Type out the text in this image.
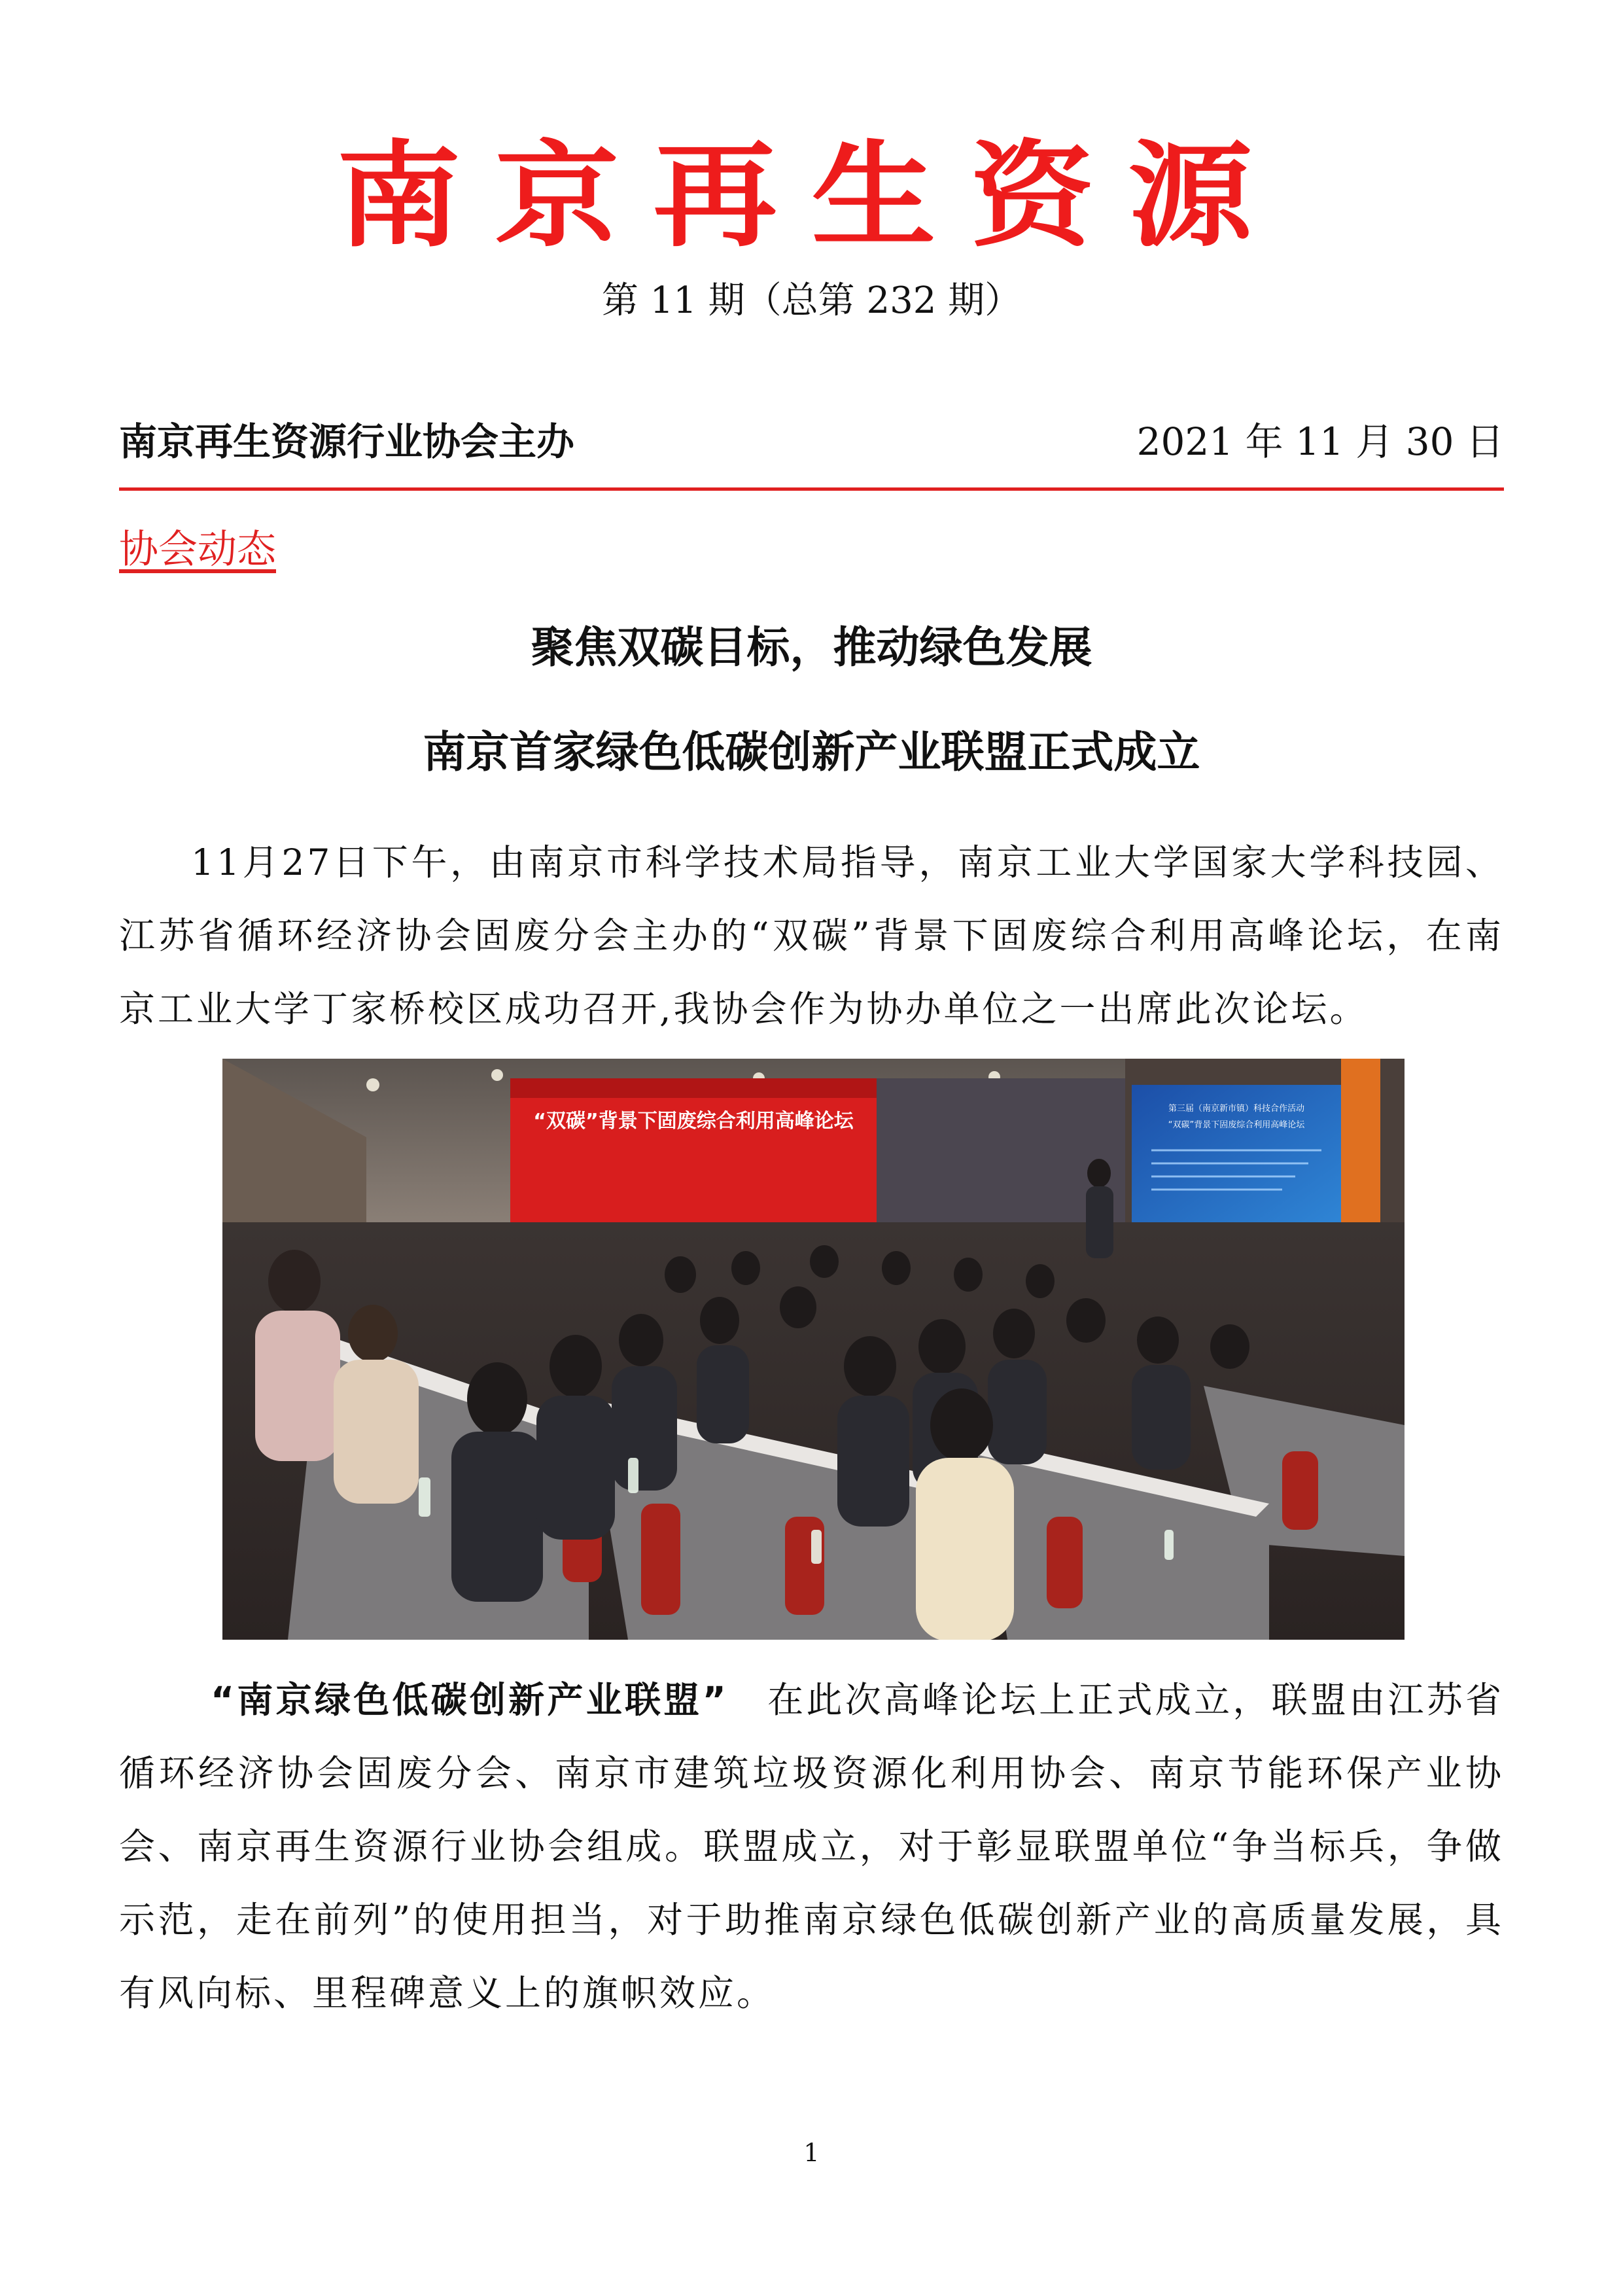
南京再生资源
第 11 期（总第 232 期）
南京再生资源行业协会主办	2021 年 11 月 30 日
协会动态
聚焦双碳目标，推动绿色发展
南京首家绿色低碳创新产业联盟正式成立

11月27日下午，由南京市科学技术局指导，南京工业大学国家大学科技园、江苏省循环经济协会固废分会主办的“双碳”背景下固废综合利用高峰论坛，在南京工业大学丁家桥校区成功召开,我协会作为协办单位之一出席此次论坛。

“双碳”背景下固废综合利用高峰论坛
第三届（南京新市镇）科技合作活动
“双碳”背景下固废综合利用高峰论坛

“南京绿色低碳创新产业联盟”　在此次高峰论坛上正式成立，联盟由江苏省循环经济协会固废分会、南京市建筑垃圾资源化利用协会、南京节能环保产业协会、南京再生资源行业协会组成。联盟成立，对于彰显联盟单位“争当标兵，争做示范，走在前列”的使用担当，对于助推南京绿色低碳创新产业的高质量发展，具有风向标、里程碑意义上的旗帜效应。

1
